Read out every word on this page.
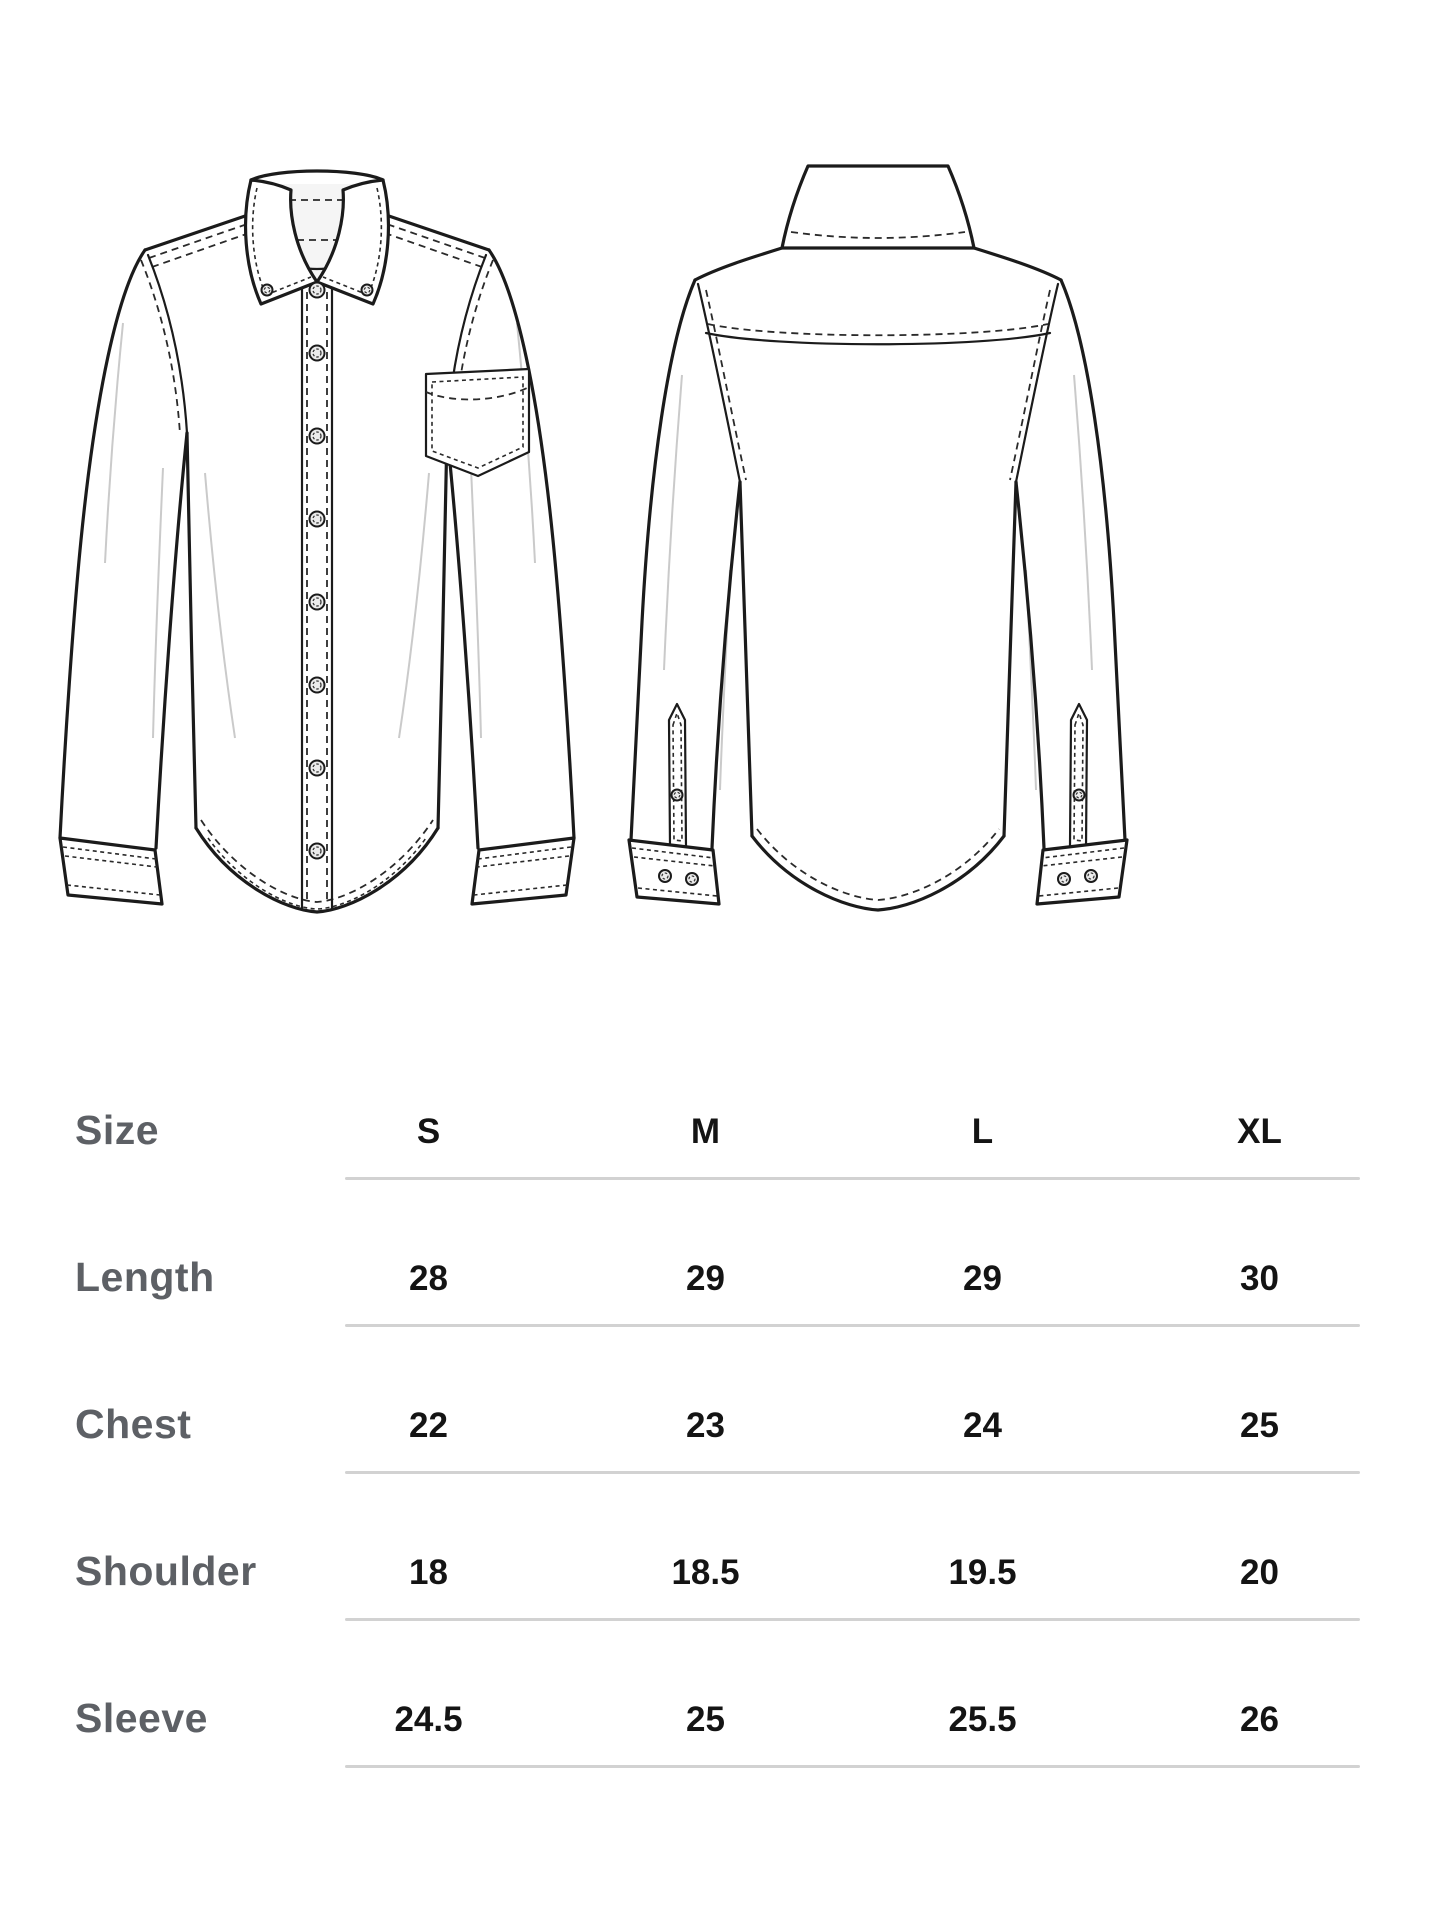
Size	S	M	L	XL
Length	28	29	29	30
Chest	22	23	24	25
Shoulder	18	18.5	19.5	20
Sleeve	24.5	25	25.5	26
